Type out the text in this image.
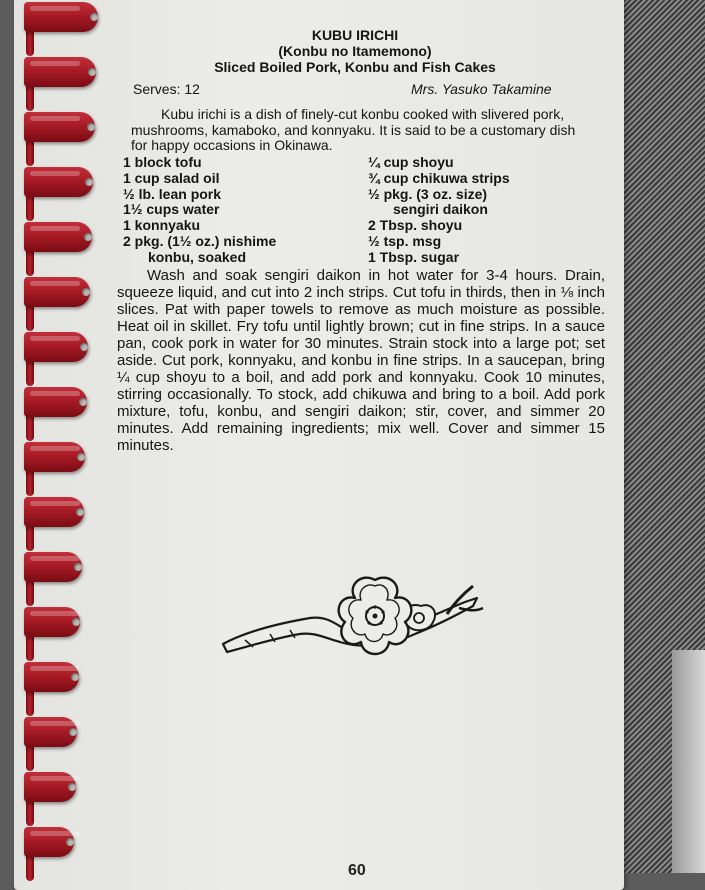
KUBU IRICHI
(Konbu no Itamemono)
Sliced Boiled Pork, Konbu and Fish Cakes
Serves: 12	Mrs. Yasuko Takamine
Kubu irichi is a dish of finely-cut konbu cooked with slivered pork, mushrooms, kamaboko, and konnyaku. It is said to be a customary dish for happy occasions in Okinawa.
1 block tofu
1 cup salad oil
½ lb. lean pork
1½ cups water
1 konnyaku
2 pkg. (1½ oz.) nishime
konbu, soaked
¼ cup shoyu
¾ cup chikuwa strips
½ pkg. (3 oz. size)
sengiri daikon
2 Tbsp. shoyu
½ tsp. msg
1 Tbsp. sugar
Wash and soak sengiri daikon in hot water for 3-4 hours. Drain, squeeze liquid, and cut into 2 inch strips. Cut tofu in thirds, then in ⅛ inch slices. Pat with paper towels to remove as much moisture as possible. Heat oil in skillet. Fry tofu until lightly brown; cut in fine strips. In a sauce pan, cook pork in water for 30 minutes. Strain stock into a large pot; set aside. Cut pork, konnyaku, and konbu in fine strips. In a saucepan, bring ¼ cup shoyu to a boil, and add pork and konnyaku. Cook 10 minutes, stirring occasionally. To stock, add chikuwa and bring to a boil. Add pork mixture, tofu, konbu, and sengiri daikon; stir, cover, and simmer 20 minutes. Add remaining ingredients; mix well. Cover and simmer 15 minutes.
60
